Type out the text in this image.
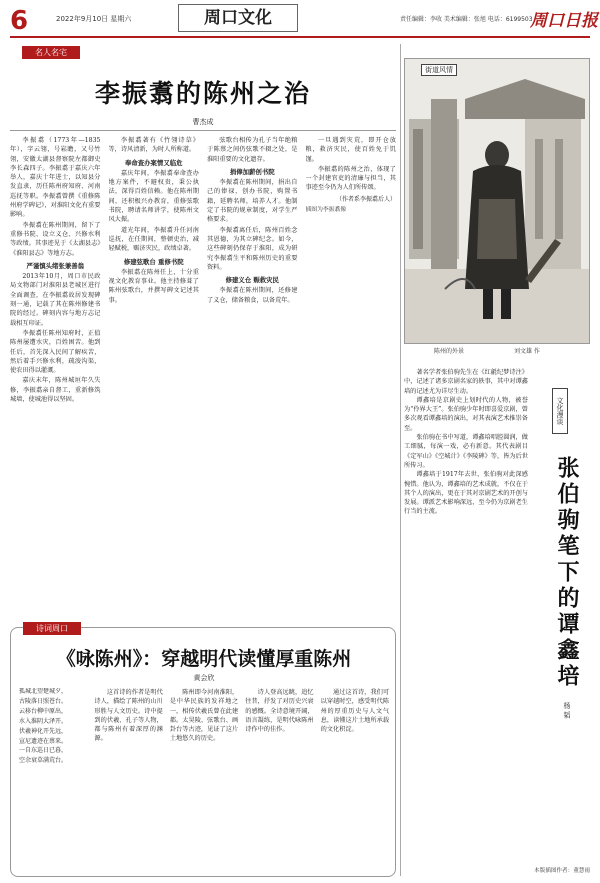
6	2022年9月10日 星期六	周口文化	责任编辑：李收 美术编辑：张旭 电话：6199503
周口日报
名人名宅
李振翥的陈州之治
曹杰成

李振翥（1773年—1835年），字云翎，号崧瞻，又号竹翎，安徽太湖县督察院左都御史李长森四子。李振翥于嘉庆六年举人，嘉庆十年进士，以知县分发直隶，历任陈州府知府、河南巡抚等职。李振翥曾撰《重修陈州府学碑记》，对淮阳文化有重要影响。

李振翥在陈州期间，留下了重修书院、设立义仓、兴修水利等政绩。其事迹见于《太湖县志》《淮阳县志》等地方志。

严谨慎头绪张兼善翁

2013年10月，周口市民政局文物部门对淮阳县老城区进行全面调查，在李振翥故居发现碑刻一通，记载了其在陈州修建书院的经过。碑刻内容与地方志记载相互印证。

李振翥任陈州知府时，正值陈州屡遭水灾，百姓困苦。他到任后，首先深入民间了解疾苦，然后着手兴修水利，疏浚沟渠，使农田得以灌溉。

嘉庆末年，陈州城垣年久失修，李振翥亲自督工，重新修筑城墙，使城池得以坚固。

李振翥著有《竹翎诗草》等，诗风清新，为时人所称道。

奉命查办案情又临危

嘉庆年间，李振翥奉命查办地方案件，不避权贵，秉公执法，深得百姓信赖。他在陈州期间，还积极兴办教育，重修弦歌书院，聘请名师讲学，使陈州文风大振。

道光年间，李振翥升任河南巡抚，在任期间，整顿吏治，减轻赋税，赈济灾民，政绩卓著。

修建弦歌台 重修书院

李振翥在陈州任上，十分重视文化教育事业。他主持修葺了陈州弦歌台，并撰写碑文记述其事。

弦歌台相传为孔子当年绝粮于陈蔡之间仍弦歌不辍之处，是淮阳重要的文化遗存。

捐俸加薪创书院

李振翥在陈州期间，捐出自己的俸禄，创办书院，购置书籍，延聘名师，培养人才。他制定了书院的规章制度，对学生严格要求。

李振翥离任后，陈州百姓念其恩德，为其立碑纪念。如今，这些碑刻仍保存于淮阳，成为研究李振翥生平和陈州历史的重要资料。

修建义仓 赈救灾民

李振翥在陈州期间，还修建了义仓，储备粮食，以备荒年。

一旦遇到灾荒，即开仓放粮，救济灾民，使百姓免于饥馑。

李振翥的陈州之治，体现了一个封建官吏的清廉与担当，其事迹至今仍为人们所传颂。

（作者系李振翥后人）

插图为李振翥像

街道风情
陈州的外景	刘文雄 作

著名学者张伯驹先生在《红毹纪梦诗注》中，记述了诸多京剧名家的轶事，其中对谭鑫培的记述尤为详尽生动。

谭鑫培是京剧史上划时代的人物，被誉为“伶界大王”。张伯驹少年时即喜爱京剧，曾多次观看谭鑫培的演出，对其表演艺术推崇备至。

张伯驹在书中写道，谭鑫培唱腔圆润，做工细腻，每演一戏，必有新意。其代表剧目《定军山》《空城计》《李陵碑》等，皆为后世所传习。

谭鑫培于1917年去世，张伯驹对此深感惋惜。他认为，谭鑫培的艺术成就，不仅在于其个人的演出，更在于其对京剧艺术的开创与发展。谭派艺术影响深远，至今仍为京剧老生行当的主流。

文化漫谈
张伯驹笔下的谭鑫培
杨 韬
诗词周口
《咏陈州》：穿越明代读懂厚重陈州
黄会欣

孤城北望楚城夕，

古陵落日照苍台。

云移台柳中原出，

水入淮阴大泽开。

伏羲神化开先远，

宣尼遗迹在蔡来。

一自东巡日已暮，

空余衰草满荒台。

这首诗的作者是明代诗人，描绘了陈州的山川形胜与人文历史。诗中提到的伏羲、孔子等人物，都与陈州有着深厚的渊源。

陈州即今河南淮阳，是中华民族的发祥地之一，相传伏羲氏曾在此建都。太昊陵、弦歌台、画卦台等古迹，见证了这片土地悠久的历史。

诗人登高远眺，追忆往昔，抒发了对历史兴衰的感慨。全诗意境开阔，语言凝练，是明代咏陈州诗作中的佳作。

通过这首诗，我们可以穿越时空，感受明代陈州的厚重历史与人文气息，读懂这片土地所承载的文化积淀。

本版插图作者：董慧雨
